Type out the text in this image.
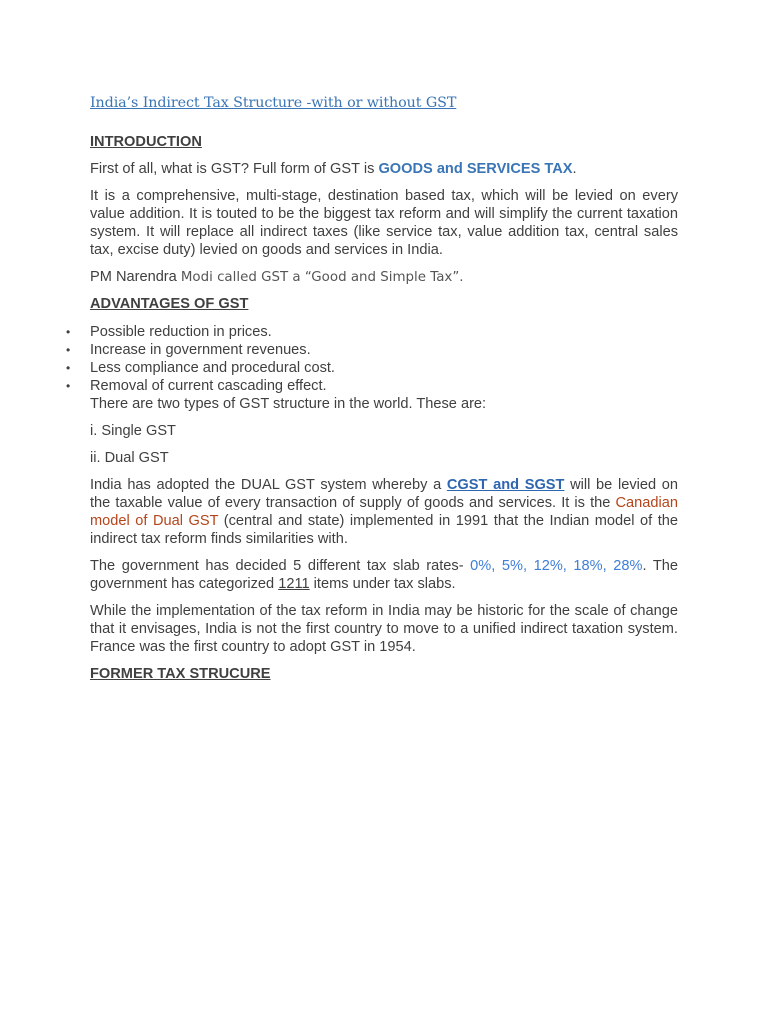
India’s Indirect Tax Structure -with or without GST
INTRODUCTION

First of all, what is GST? Full form of GST is GOODS and SERVICES TAX.

It is a comprehensive, multi-stage, destination based tax, which will be levied on every value addition. It is touted to be the biggest tax reform and will simplify the current taxation system. It will replace all indirect taxes (like service tax, value addition tax, central sales tax, excise duty) levied on goods and services in India.

PM Narendra Modi called GST a “Good and Simple Tax”.

ADVANTAGES OF GST
• Possible reduction in prices.
• Increase in government revenues.
• Less compliance and procedural cost.
• Removal of current cascading effect.

There are two types of GST structure in the world. These are:

i. Single GST

ii. Dual GST

India has adopted the DUAL GST system whereby a CGST and SGST will be levied on the taxable value of every transaction of supply of goods and services. It is the Canadian model of Dual GST (central and state) implemented in 1991 that the Indian model of the indirect tax reform finds similarities with.

The government has decided 5 different tax slab rates- 0%, 5%, 12%, 18%, 28%. The government has categorized 1211 items under tax slabs.

While the implementation of the tax reform in India may be historic for the scale of change that it envisages, India is not the first country to move to a unified indirect taxation system. France was the first country to adopt GST in 1954.

FORMER TAX STRUCURE
